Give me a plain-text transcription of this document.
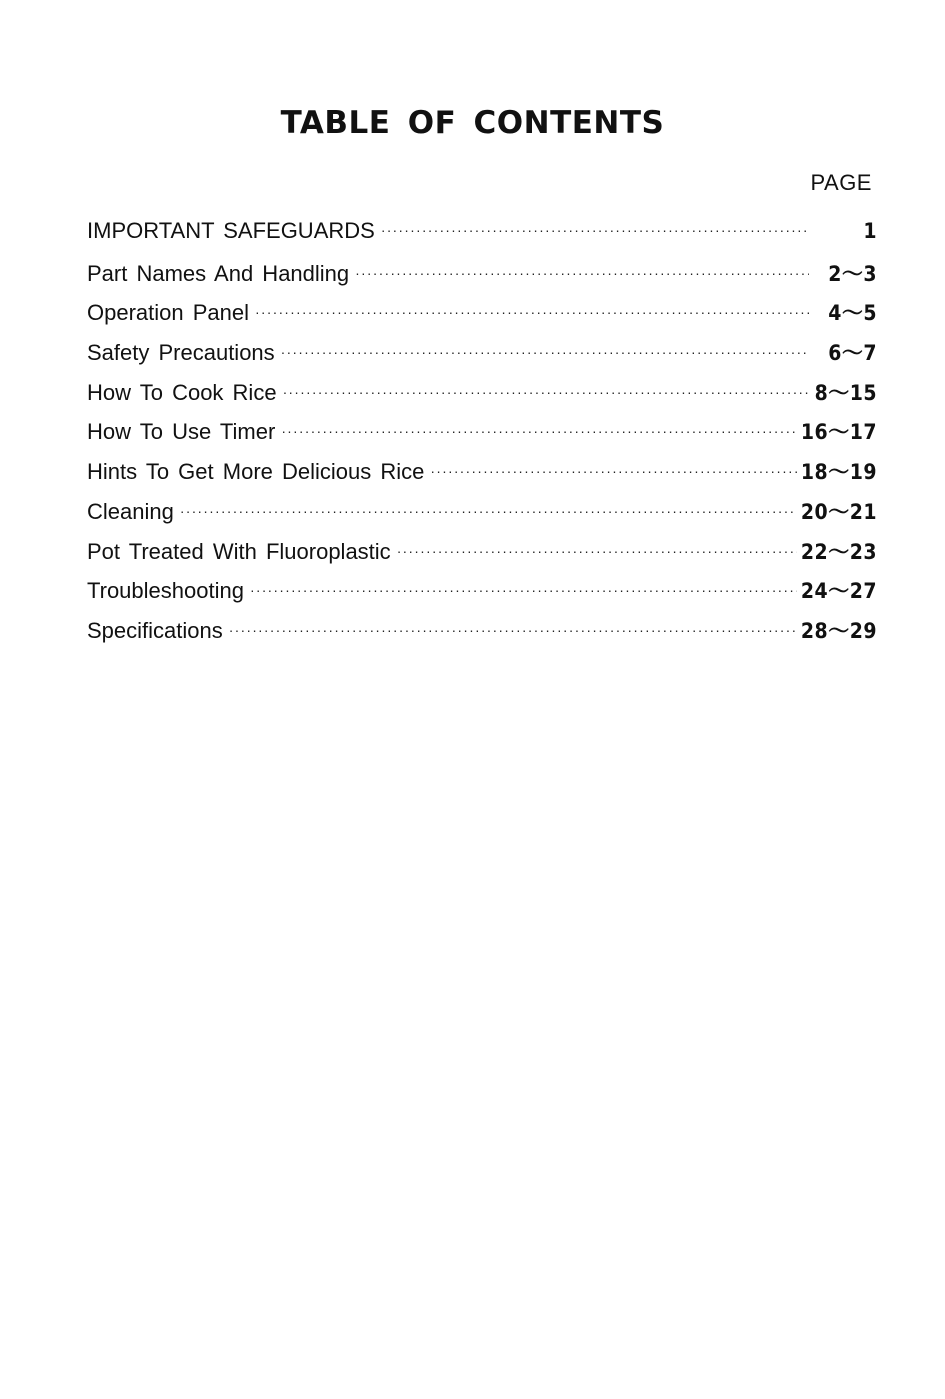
TABLE OF CONTENTS
PAGE
IMPORTANT SAFEGUARDS ·····	1
Part Names And Handling ·····	2～3
Operation Panel ·····	4～5
Safety Precautions ·····	6～7
How To Cook Rice ·····	8～15
How To Use Timer ·····	16～17
Hints To Get More Delicious Rice ·····	18～19
Cleaning ·····	20～21
Pot Treated With Fluoroplastic ·····	22～23
Troubleshooting ·····	24～27
Specifications ·····	28～29
